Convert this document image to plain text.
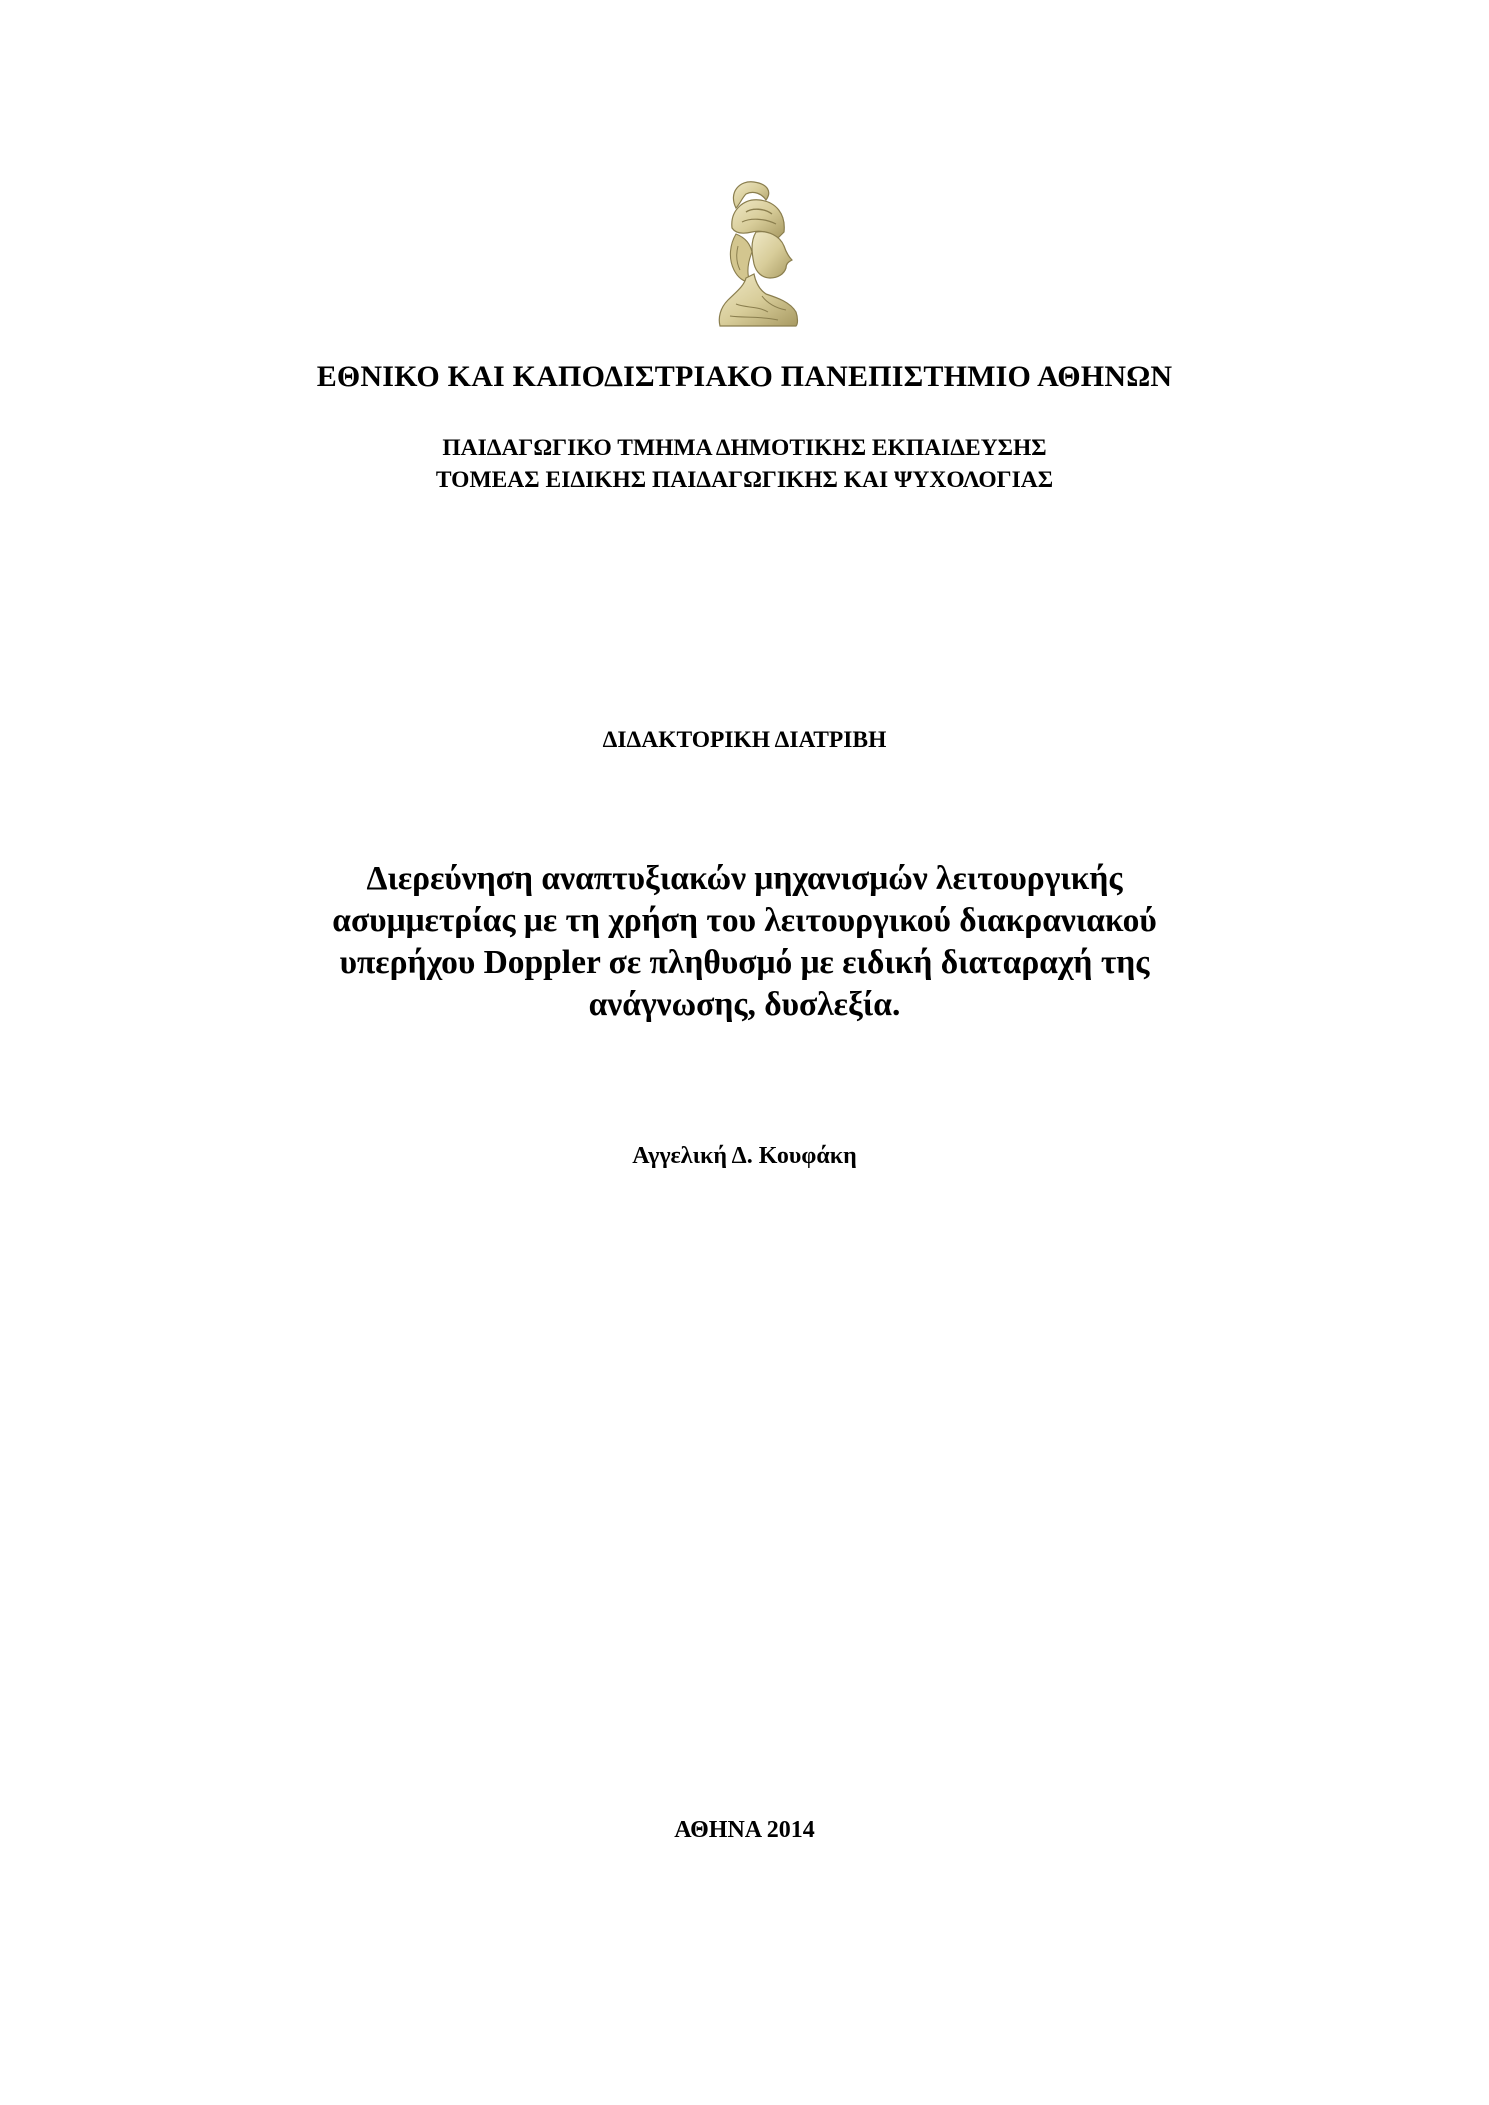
ΕΘΝΙΚΟ ΚΑΙ ΚΑΠΟΔΙΣΤΡΙΑΚΟ ΠΑΝΕΠΙΣΤΗΜΙΟ ΑΘΗΝΩΝ
ΠΑΙΔΑΓΩΓΙΚΟ ΤΜΗΜΑ ΔΗΜΟΤΙΚΗΣ ΕΚΠΑΙΔΕΥΣΗΣ
ΤΟΜΕΑΣ ΕΙΔΙΚΗΣ ΠΑΙΔΑΓΩΓΙΚΗΣ ΚΑΙ ΨΥΧΟΛΟΓΙΑΣ
ΔΙΔΑΚΤΟΡΙΚΗ ΔΙΑΤΡΙΒΗ
Διερεύνηση αναπτυξιακών μηχανισμών λειτουργικής
ασυμμετρίας με τη χρήση του λειτουργικού διακρανιακού
υπερήχου Doppler σε πληθυσμό με ειδική διαταραχή της
ανάγνωσης, δυσλεξία.
Αγγελική Δ. Κουφάκη
ΑΘΗΝΑ 2014
